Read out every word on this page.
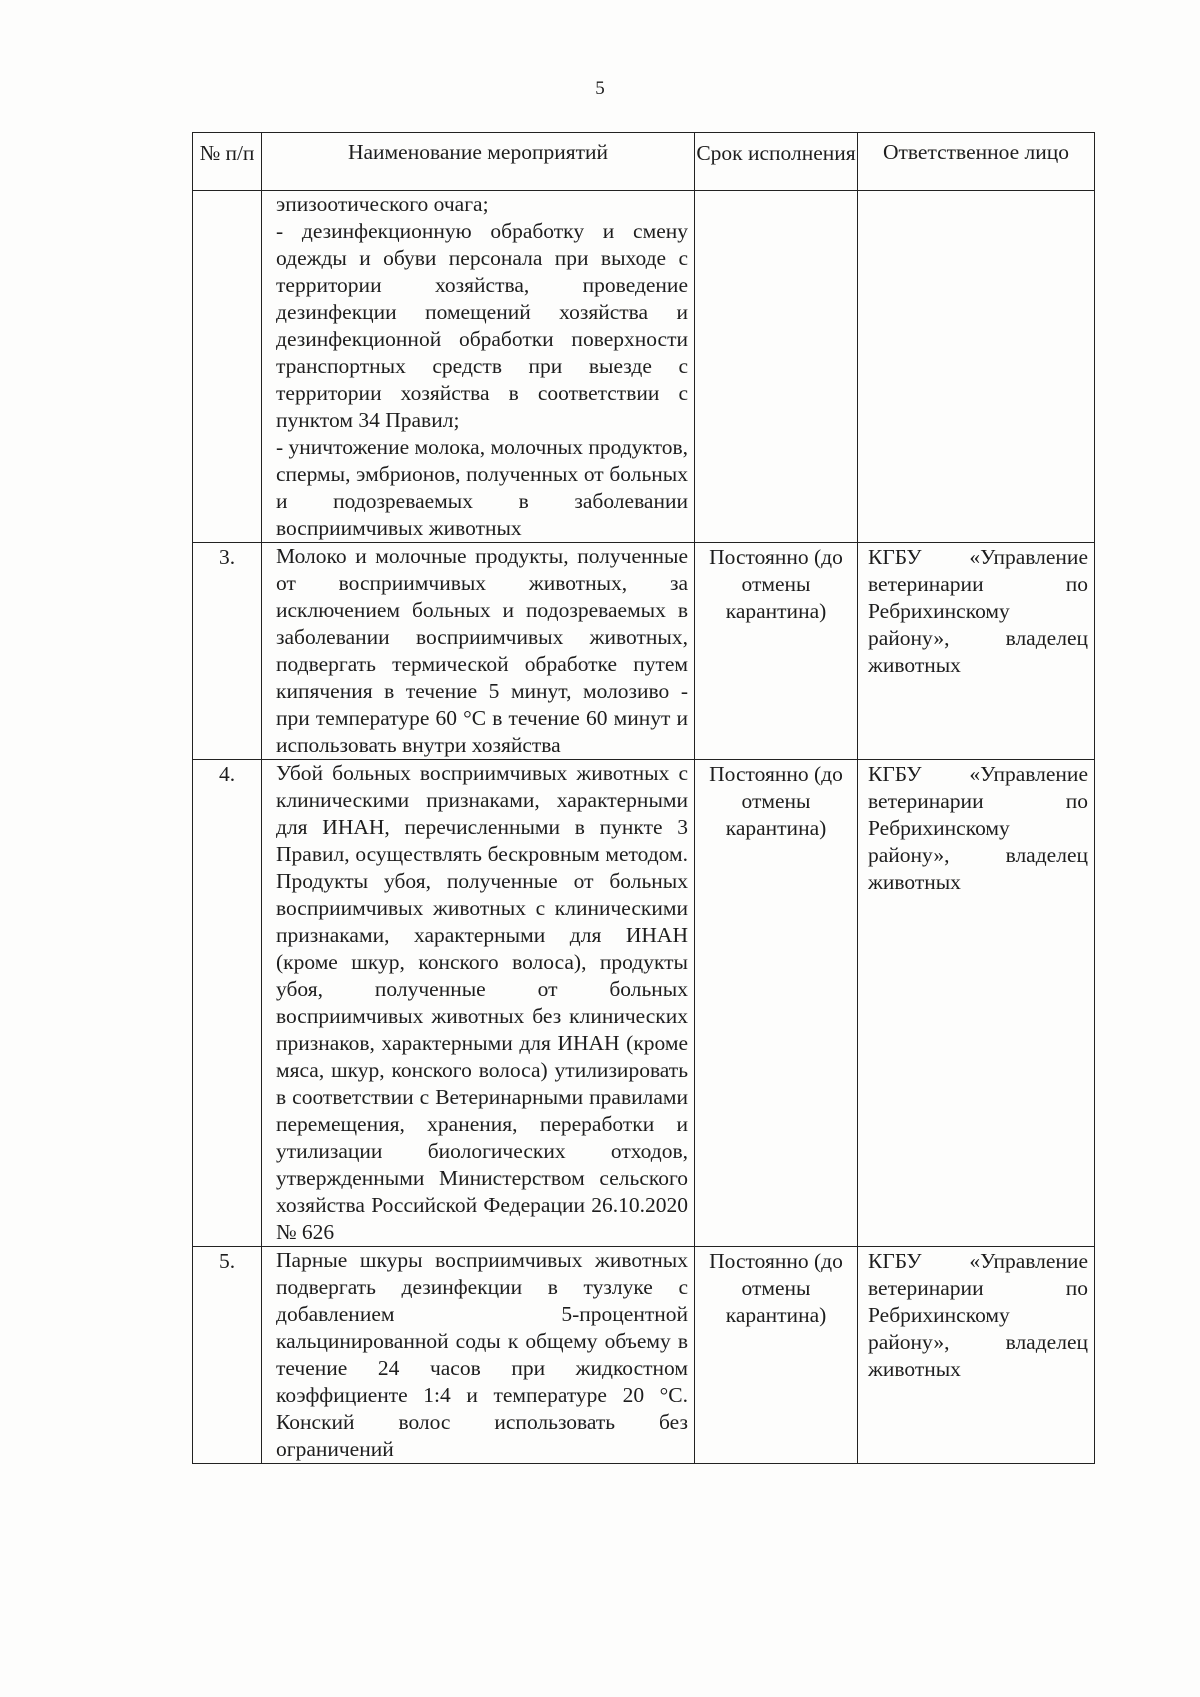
5
№ п/п	Наименование мероприятий	Срок исполнения	Ответственное лицо

	эпизоотического очага;

- дезинфекционную обработку и смену одежды и обуви персонала при выходе с территории хозяйства, проведение дезинфекции помещений хозяйства и дезинфекционной обработки поверхности транспортных средств при выезде с территории хозяйства в соответствии с пунктом 34 Правил;

- уничтожение молока, молочных продуктов, спермы, эмбрионов, полученных от больных и подозреваемых в заболевании восприимчивых животных		

3.	Молоко и молочные продукты, полученные от восприимчивых животных, за исключением больных и подозреваемых в заболевании восприимчивых животных, подвергать термической обработке путем кипячения в течение 5 минут, молозиво - при температуре 60 °С в течение 60 минут и использовать внутри хозяйства	Постоянно (до отмены карантина)	КГБУ «Управление ветеринарии по Ребрихинскому району», владелец животных
4.	Убой больных восприимчивых животных с клиническими признаками, характерными для ИНАН, перечисленными в пункте 3 Правил, осуществлять бескровным методом. Продукты убоя, полученные от больных восприимчивых животных с клиническими признаками, характерными для ИНАН (кроме шкур, конского волоса), продукты убоя, полученные от больных восприимчивых животных без клинических признаков, характерными для ИНАН (кроме мяса, шкур, конского волоса) утилизировать в соответствии с Ветеринарными правилами перемещения, хранения, переработки и утилизации биологических отходов, утвержденными Министерством сельского хозяйства Российской Федерации 26.10.2020 № 626	Постоянно (до отмены карантина)	КГБУ «Управление ветеринарии по Ребрихинскому району», владелец животных
5.	Парные шкуры восприимчивых животных подвергать дезинфекции в тузлуке с добавлением 5-процентной кальцинированной соды к общему объему в течение 24 часов при жидкостном коэффициенте 1:4 и температуре 20 °С. Конский волос использовать без ограничений	Постоянно (до отмены карантина)	КГБУ «Управление ветеринарии по Ребрихинскому району», владелец животных
